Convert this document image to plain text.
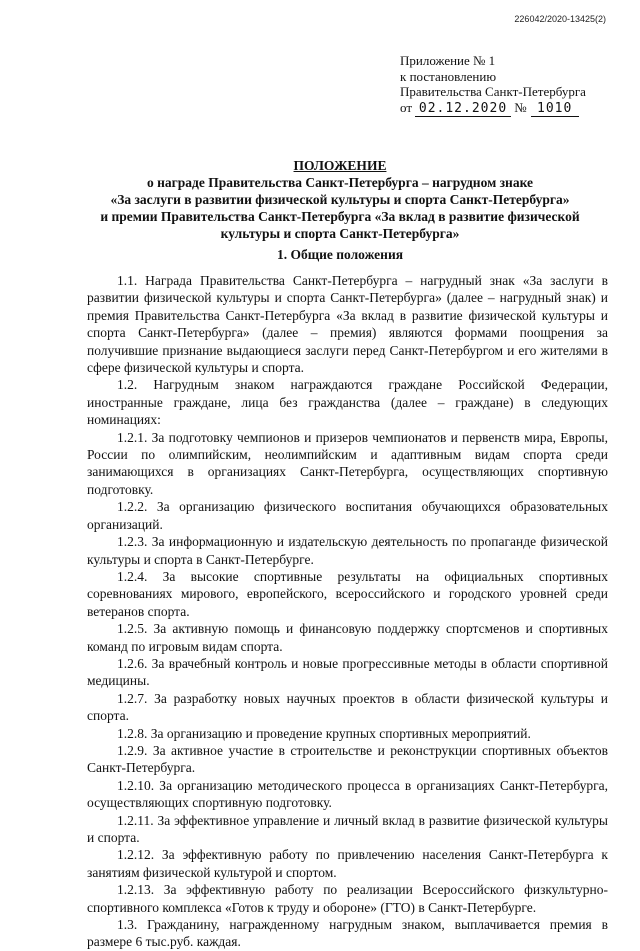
226042/2020-13425(2)
Приложение № 1
к постановлению
Правительства Санкт-Петербурга
от 02.12.2020 № 1010
ПОЛОЖЕНИЕ
о награде Правительства Санкт-Петербурга – нагрудном знаке
«За заслуги в развитии физической культуры и спорта Санкт-Петербурга»
и премии Правительства Санкт-Петербурга «За вклад в развитие физической
культуры и спорта Санкт-Петербурга»
1. Общие положения

1.1. Награда Правительства Санкт-Петербурга – нагрудный знак «За заслуги в развитии физической культуры и спорта Санкт-Петербурга» (далее – нагрудный знак) и премия Правительства Санкт-Петербурга «За вклад в развитие физической культуры и спорта Санкт-Петербурга» (далее – премия) являются формами поощрения за получившие признание выдающиеся заслуги перед Санкт-Петербургом и его жителями в сфере физической культуры и спорта.

1.2. Нагрудным знаком награждаются граждане Российской Федерации, иностранные граждане, лица без гражданства (далее – граждане) в следующих номинациях:

1.2.1. За подготовку чемпионов и призеров чемпионатов и первенств мира, Европы, России по олимпийским, неолимпийским и адаптивным видам спорта среди занимающихся в организациях Санкт-Петербурга, осуществляющих спортивную подготовку.

1.2.2. За организацию физического воспитания обучающихся образовательных организаций.

1.2.3. За информационную и издательскую деятельность по пропаганде физической культуры и спорта в Санкт-Петербурге.

1.2.4. За высокие спортивные результаты на официальных спортивных соревнованиях мирового, европейского, всероссийского и городского уровней среди ветеранов спорта.

1.2.5. За активную помощь и финансовую поддержку спортсменов и спортивных команд по игровым видам спорта.

1.2.6. За врачебный контроль и новые прогрессивные методы в области спортивной медицины.

1.2.7. За разработку новых научных проектов в области физической культуры и спорта.

1.2.8. За организацию и проведение крупных спортивных мероприятий.

1.2.9. За активное участие в строительстве и реконструкции спортивных объектов Санкт-Петербурга.

1.2.10. За организацию методического процесса в организациях Санкт-Петербурга, осуществляющих спортивную подготовку.

1.2.11. За эффективное управление и личный вклад в развитие физической культуры и спорта.

1.2.12. За эффективную работу по привлечению населения Санкт-Петербурга к занятиям физической культурой и спортом.

1.2.13. За эффективную работу по реализации Всероссийского физкультурно-спортивного комплекса «Готов к труду и обороне» (ГТО) в Санкт-Петербурге.

1.3. Гражданину, награжденному нагрудным знаком, выплачивается премия в размере 6 тыс.руб. каждая.
